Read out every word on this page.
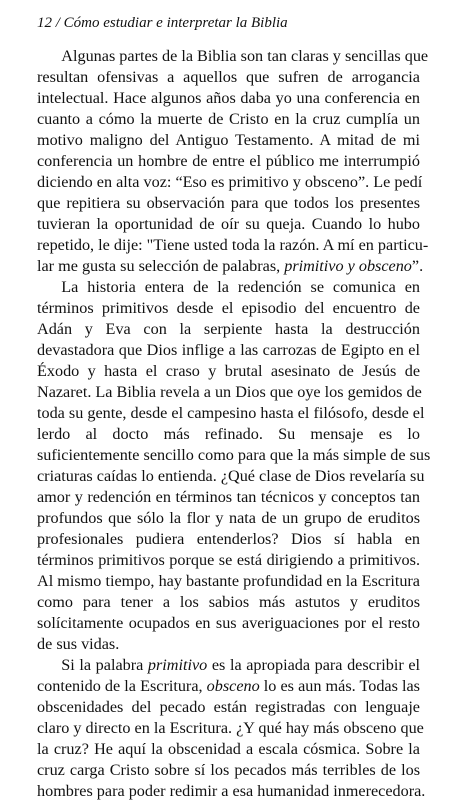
12 / Cómo estudiar e interpretar la Biblia
Algunas partes de la Biblia son tan claras y sencillas que
resultan ofensivas a aquellos que sufren de arrogancia
intelectual. Hace algunos años daba yo una conferencia en
cuanto a cómo la muerte de Cristo en la cruz cumplía un
motivo maligno del Antiguo Testamento. A mitad de mi
conferencia un hombre de entre el público me interrumpió
diciendo en alta voz: “Eso es primitivo y obsceno”. Le pedí
que repitiera su observación para que todos los presentes
tuvieran la oportunidad de oír su queja. Cuando lo hubo
repetido, le dije: "Tiene usted toda la razón. A mí en particu-
lar me gusta su selección de palabras, primitivo y obsceno”.
La historia entera de la redención se comunica en
términos primitivos desde el episodio del encuentro de
Adán y Eva con la serpiente hasta la destrucción
devastadora que Dios inflige a las carrozas de Egipto en el
Éxodo y hasta el craso y brutal asesinato de Jesús de
Nazaret. La Biblia revela a un Dios que oye los gemidos de
toda su gente, desde el campesino hasta el filósofo, desde el
lerdo al docto más refinado. Su mensaje es lo
suficientemente sencillo como para que la más simple de sus
criaturas caídas lo entienda. ¿Qué clase de Dios revelaría su
amor y redención en términos tan técnicos y conceptos tan
profundos que sólo la flor y nata de un grupo de eruditos
profesionales pudiera entenderlos? Dios sí habla en
términos primitivos porque se está dirigiendo a primitivos.
Al mismo tiempo, hay bastante profundidad en la Escritura
como para tener a los sabios más astutos y eruditos
solícitamente ocupados en sus averiguaciones por el resto
de sus vidas.
Si la palabra primitivo es la apropiada para describir el
contenido de la Escritura, obsceno lo es aun más. Todas las
obscenidades del pecado están registradas con lenguaje
claro y directo en la Escritura. ¿Y qué hay más obsceno que
la cruz? He aquí la obscenidad a escala cósmica. Sobre la
cruz carga Cristo sobre sí los pecados más terribles de los
hombres para poder redimir a esa humanidad inmerecedora.
